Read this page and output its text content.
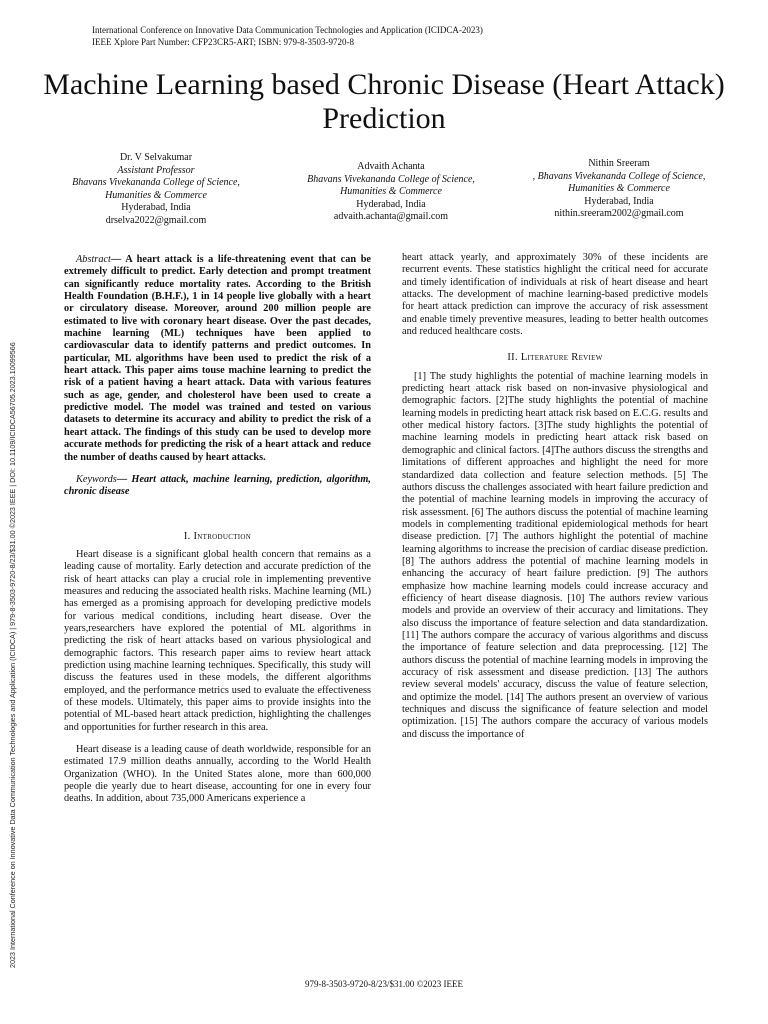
International Conference on Innovative Data Communication Technologies and Application (ICIDCA-2023)
IEEE Xplore Part Number: CFP23CR5-ART; ISBN: 979-8-3503-9720-8
Machine Learning based Chronic Disease (Heart Attack) Prediction
Dr. V Selvakumar
Assistant Professor
Bhavans Vivekananda College of Science, Humanities & Commerce
Hyderabad, India
drselva2022@gmail.com
Advaith Achanta
Bhavans Vivekananda College of Science, Humanities & Commerce
Hyderabad, India
advaith.achanta@gmail.com
Nithin Sreeram
, Bhavans Vivekananda College of Science, Humanities & Commerce
Hyderabad, India
nithin.sreeram2002@gmail.com
2023 International Conference on Innovative Data Communication Technologies and Application (ICIDCA) | 979-8-3503-9720-8/23/$31.00 ©2023 IEEE | DOI: 10.1109/ICIDCA56705.2023.10099566

Abstract— A heart attack is a life-threatening event that can be extremely difficult to predict. Early detection and prompt treatment can significantly reduce mortality rates. According to the British Health Foundation (B.H.F.), 1 in 14 people live globally with a heart or circulatory disease. Moreover, around 200 million people are estimated to live with coronary heart disease. Over the past decades, machine learning (ML) techniques have been applied to cardiovascular data to identify patterns and predict outcomes. In particular, ML algorithms have been used to predict the risk of a heart attack. This paper aims touse machine learning to predict the risk of a patient having a heart attack. Data with various features such as age, gender, and cholesterol have been used to create a predictive model. The model was trained and tested on various datasets to determine its accuracy and ability to predict the risk of a heart attack. The findings of this study can be used to develop more accurate methods for predicting the risk of a heart attack and reduce the number of deaths caused by heart attacks.

Keywords— Heart attack, machine learning, prediction, algorithm, chronic disease

I. Introduction

Heart disease is a significant global health concern that remains as a leading cause of mortality. Early detection and accurate prediction of the risk of heart attacks can play a crucial role in implementing preventive measures and reducing the associated health risks. Machine learning (ML) has emerged as a promising approach for developing predictive models for various medical conditions, including heart disease. Over the years,researchers have explored the potential of ML algorithms in predicting the risk of heart attacks based on various physiological and demographic factors. This research paper aims to review heart attack prediction using machine learning techniques. Specifically, this study will discuss the features used in these models, the different algorithms employed, and the performance metrics used to evaluate the effectiveness of these models. Ultimately, this paper aims to provide insights into the potential of ML-based heart attack prediction, highlighting the challenges and opportunities for further research in this area.

Heart disease is a leading cause of death worldwide, responsible for an estimated 17.9 million deaths annually, according to the World Health Organization (WHO). In the United States alone, more than 600,000 people die yearly due to heart disease, accounting for one in every four deaths. In addition, about 735,000 Americans experience a

heart attack yearly, and approximately 30% of these incidents are recurrent events. These statistics highlight the critical need for accurate and timely identification of individuals at risk of heart disease and heart attacks. The development of machine learning-based predictive models for heart attack prediction can improve the accuracy of risk assessment and enable timely preventive measures, leading to better health outcomes and reduced healthcare costs.

II. Literature Review

[1] The study highlights the potential of machine learning models in predicting heart attack risk based on non-invasive physiological and demographic factors. [2]The study highlights the potential of machine learning models in predicting heart attack risk based on E.C.G. results and other medical history factors. [3]The study highlights the potential of machine learning models in predicting heart attack risk based on demographic and clinical factors. [4]The authors discuss the strengths and limitations of different approaches and highlight the need for more standardized data collection and feature selection methods. [5] The authors discuss the challenges associated with heart failure prediction and the potential of machine learning models in improving the accuracy of risk assessment. [6] The authors discuss the potential of machine learning models in complementing traditional epidemiological methods for heart disease prediction. [7] The authors highlight the potential of machine learning algorithms to increase the precision of cardiac disease prediction. [8] The authors address the potential of machine learning models in enhancing the accuracy of heart failure prediction. [9] The authors emphasize how machine learning models could increase accuracy and efficiency of heart disease diagnosis. [10] The authors review various models and provide an overview of their accuracy and limitations. They also discuss the importance of feature selection and data standardization. [11] The authors compare the accuracy of various algorithms and discuss the importance of feature selection and data preprocessing. [12] The authors discuss the potential of machine learning models in improving the accuracy of risk assessment and disease prediction. [13] The authors review several models' accuracy, discuss the value of feature selection, and optimize the model. [14] The authors present an overview of various techniques and discuss the significance of feature selection and model optimization. [15] The authors compare the accuracy of various models and discuss the importance of

979-8-3503-9720-8/23/$31.00 ©2023 IEEE
